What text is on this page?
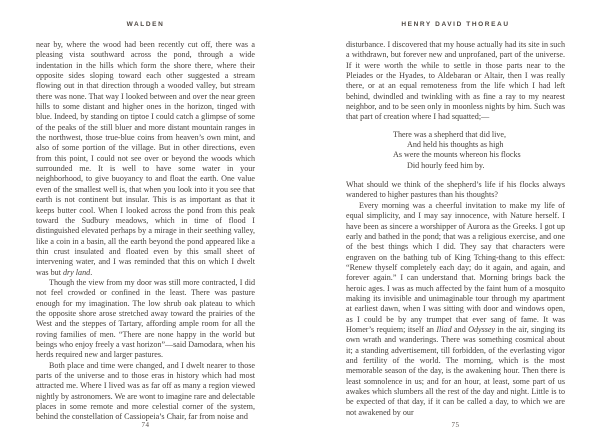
WALDEN

near by, where the wood had been recently cut off, there was a pleasing vista southward across the pond, through a wide indentation in the hills which form the shore there, where their opposite sides sloping toward each other suggested a stream flowing out in that direction through a wooded valley, but stream there was none. That way I looked between and over the near green hills to some distant and higher ones in the horizon, tinged with blue. Indeed, by standing on tiptoe I could catch a glimpse of some of the peaks of the still bluer and more distant mountain ranges in the northwest, those true-blue coins from heaven’s own mint, and also of some portion of the village. But in other directions, even from this point, I could not see over or beyond the woods which surrounded me. It is well to have some water in your neighborhood, to give buoyancy to and float the earth. One value even of the smallest well is, that when you look into it you see that earth is not continent but insular. This is as important as that it keeps butter cool. When I looked across the pond from this peak toward the Sudbury meadows, which in time of flood I distinguished elevated perhaps by a mirage in their seething valley, like a coin in a basin, all the earth beyond the pond appeared like a thin crust insulated and floated even by this small sheet of intervening water, and I was reminded that this on which I dwelt was but dry land.

Though the view from my door was still more contracted, I did not feel crowded or confined in the least. There was pasture enough for my imagination. The low shrub oak plateau to which the opposite shore arose stretched away toward the prairies of the West and the steppes of Tartary, affording ample room for all the roving families of men. “There are none happy in the world but beings who enjoy freely a vast horizon”—said Damodara, when his herds required new and larger pastures.

Both place and time were changed, and I dwelt nearer to those parts of the universe and to those eras in history which had most attracted me. Where I lived was as far off as many a region viewed nightly by astronomers. We are wont to imagine rare and delectable places in some remote and more celestial corner of the system, behind the constellation of Cassiopeia’s Chair, far from noise and

74
HENRY DAVID THOREAU

disturbance. I discovered that my house actually had its site in such a withdrawn, but forever new and unprofaned, part of the universe. If it were worth the while to settle in those parts near to the Pleiades or the Hyades, to Aldebaran or Altair, then I was really there, or at an equal remoteness from the life which I had left behind, dwindled and twinkling with as fine a ray to my nearest neighbor, and to be seen only in moonless nights by him. Such was that part of creation where I had squatted;—

There was a shepherd that did live,
And held his thoughts as high
As were the mounts whereon his flocks
Did hourly feed him by.

What should we think of the shepherd’s life if his flocks always wandered to higher pastures than his thoughts?

Every morning was a cheerful invitation to make my life of equal simplicity, and I may say innocence, with Nature herself. I have been as sincere a worshipper of Aurora as the Greeks. I got up early and bathed in the pond; that was a religious exercise, and one of the best things which I did. They say that characters were engraven on the bathing tub of King Tching-thang to this effect: “Renew thyself completely each day; do it again, and again, and forever again.” I can understand that. Morning brings back the heroic ages. I was as much affected by the faint hum of a mosquito making its invisible and unimaginable tour through my apartment at earliest dawn, when I was sitting with door and windows open, as I could be by any trumpet that ever sang of fame. It was Homer’s requiem; itself an Iliad and Odyssey in the air, singing its own wrath and wanderings. There was something cosmical about it; a standing advertisement, till forbidden, of the everlasting vigor and fertility of the world. The morning, which is the most memorable season of the day, is the awakening hour. Then there is least somnolence in us; and for an hour, at least, some part of us awakes which slumbers all the rest of the day and night. Little is to be expected of that day, if it can be called a day, to which we are not awakened by our

75
